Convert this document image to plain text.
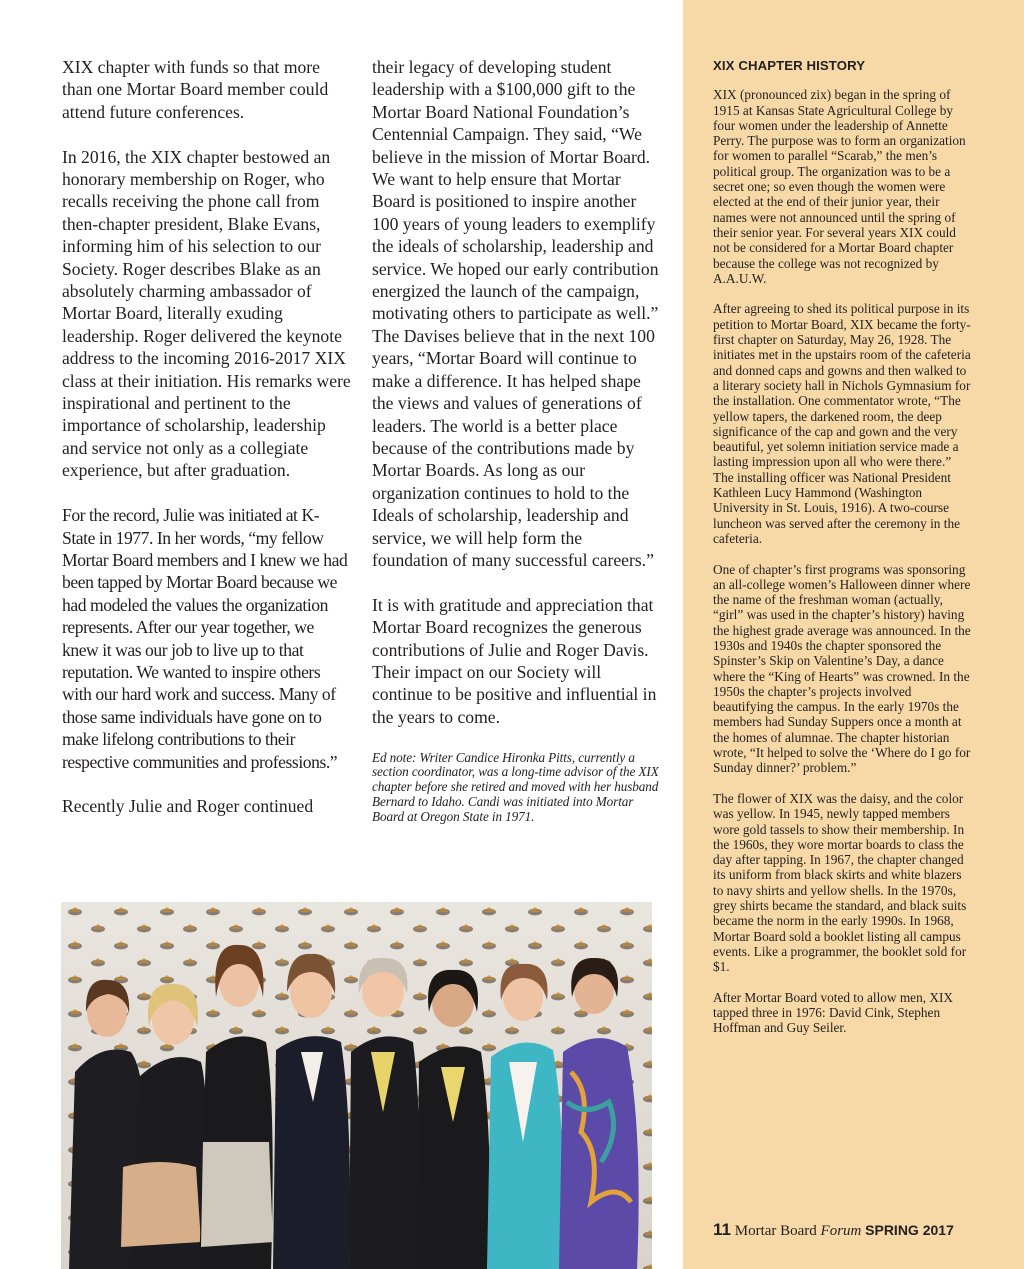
XIX chapter with funds so that more than one Mortar Board member could attend future conferences.

In 2016, the XIX chapter bestowed an honorary membership on Roger, who recalls receiving the phone call from then-chapter president, Blake Evans, informing him of his selection to our Society. Roger describes Blake as an absolutely charming ambassador of Mortar Board, literally exuding leadership. Roger delivered the keynote address to the incoming 2016-2017 XIX class at their initiation. His remarks were inspirational and pertinent to the importance of scholarship, leadership and service not only as a collegiate experience, but after graduation.

For the record, Julie was initiated at K-State in 1977. In her words, “my fellow Mortar Board members and I knew we had been tapped by Mortar Board because we had modeled the values the organization represents. After our year together, we knew it was our job to live up to that reputation. We wanted to inspire others with our hard work and success. Many of those same individuals have gone on to make lifelong contributions to their respective communities and professions.”

Recently Julie and Roger continued

their legacy of developing student leadership with a $100,000 gift to the Mortar Board National Foundation’s Centennial Campaign. They said, “We believe in the mission of Mortar Board. We want to help ensure that Mortar Board is positioned to inspire another 100 years of young leaders to exemplify the ideals of scholarship, leadership and service. We hoped our early contribution energized the launch of the campaign, motivating others to participate as well.” The Davises believe that in the next 100 years, “Mortar Board will continue to make a difference. It has helped shape the views and values of generations of leaders. The world is a better place because of the contributions made by Mortar Boards. As long as our organization continues to hold to the Ideals of scholarship, leadership and service, we will help form the foundation of many successful careers.”

It is with gratitude and appreciation that Mortar Board recognizes the generous contributions of Julie and Roger Davis. Their impact on our Society will continue to be positive and influential in the years to come.

Ed note: Writer Candice Hironka Pitts, currently a section coordinator, was a long-time advisor of the XIX chapter before she retired and moved with her husband Bernard to Idaho. Candi was initiated into Mortar Board at Oregon State in 1971.

XIX CHAPTER HISTORY

XIX (pronounced zix) began in the spring of 1915 at Kansas State Agricultural College by four women under the leadership of Annette Perry. The purpose was to form an organization for women to parallel “Scarab,” the men’s political group. The organization was to be a secret one; so even though the women were elected at the end of their junior year, their names were not announced until the spring of their senior year. For several years XIX could not be considered for a Mortar Board chapter because the college was not recognized by A.A.U.W.

After agreeing to shed its political purpose in its petition to Mortar Board, XIX became the forty-first chapter on Saturday, May 26, 1928. The initiates met in the upstairs room of the cafeteria and donned caps and gowns and then walked to a literary society hall in Nichols Gymnasium for the installation. One commentator wrote, “The yellow tapers, the darkened room, the deep significance of the cap and gown and the very beautiful, yet solemn initiation service made a lasting impression upon all who were there.” The installing officer was National President Kathleen Lucy Hammond (Washington University in St. Louis, 1916). A two-course luncheon was served after the ceremony in the cafeteria.

One of chapter’s first programs was sponsoring an all-college women’s Halloween dinner where the name of the freshman woman (actually, “girl” was used in the chapter’s history) having the highest grade average was announced. In the 1930s and 1940s the chapter sponsored the Spinster’s Skip on Valentine’s Day, a dance where the “King of Hearts” was crowned. In the 1950s the chapter’s projects involved beautifying the campus. In the early 1970s the members had Sunday Suppers once a month at the homes of alumnae. The chapter historian wrote, “It helped to solve the ‘Where do I go for Sunday dinner?’ problem.”

The flower of XIX was the daisy, and the color was yellow. In 1945, newly tapped members wore gold tassels to show their membership. In the 1960s, they wore mortar boards to class the day after tapping. In 1967, the chapter changed its uniform from black skirts and white blazers to navy shirts and yellow shells. In the 1970s, grey shirts became the standard, and black suits became the norm in the early 1990s. In 1968, Mortar Board sold a booklet listing all campus events. Like a programmer, the booklet sold for $1.

After Mortar Board voted to allow men, XIX tapped three in 1976: David Cink, Stephen Hoffman and Guy Seiler.

11 Mortar Board Forum SPRING 2017
